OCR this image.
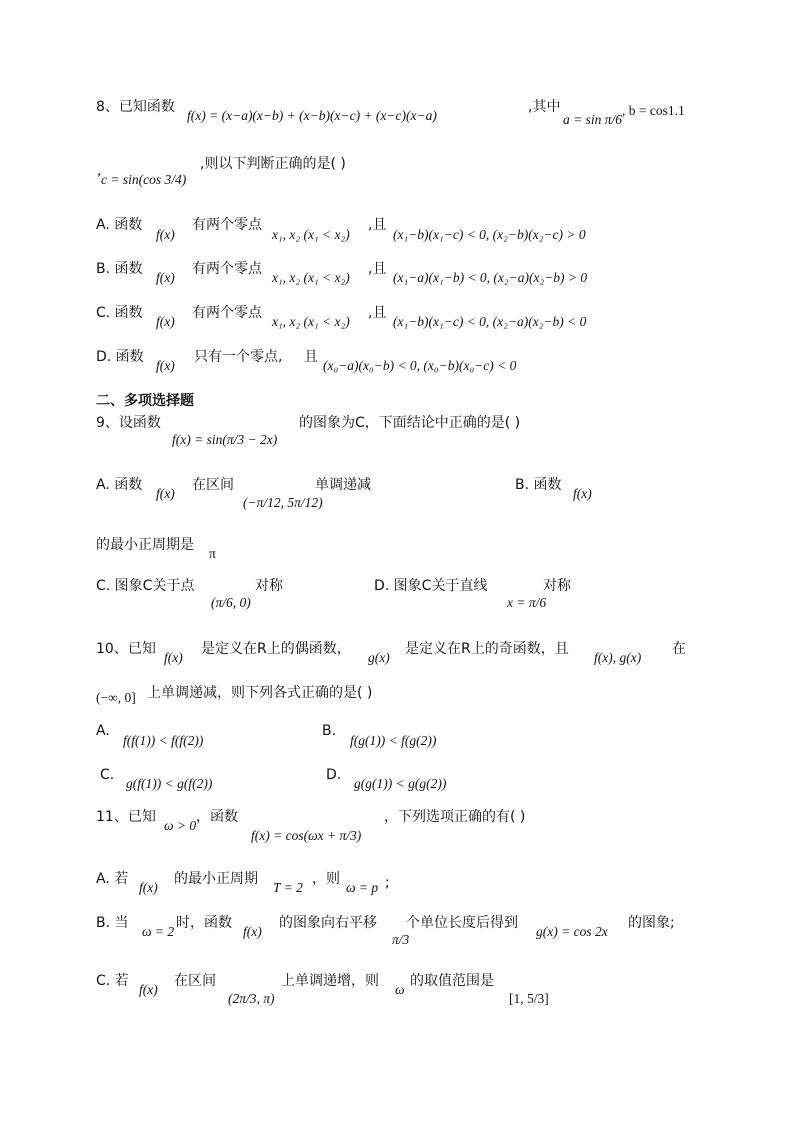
8、已知函数
f(x) = (x−a)(x−b) + (x−b)(x−c) + (x−c)(x−a)
,其中
a = sin π/6
, b = cos1.1
,
c = sin(cos 3/4)
,则以下判断正确的是( )
A. 函数
f(x)
有两个零点
x₁, x₂ (x₁ < x₂)
,且
(x₁−b)(x₁−c) < 0, (x₂−b)(x₂−c) > 0
B. 函数
f(x)
有两个零点
x₁, x₂ (x₁ < x₂)
,且
(x₁−a)(x₁−b) < 0, (x₂−a)(x₂−b) > 0
C. 函数
f(x)
有两个零点
x₁, x₂ (x₁ < x₂)
,且
(x₁−b)(x₁−c) < 0, (x₂−a)(x₂−b) < 0
D. 函数
f(x)
只有一个零点, 且
(x₀−a)(x₀−b) < 0, (x₀−b)(x₀−c) < 0
二、多项选择题
9、设函数
f(x) = sin(π/3 − 2x)
的图象为C，下面结论中正确的是( )
A. 函数
f(x)
在区间
(−π/12, 5π/12)
单调递减	B. 函数
f(x)
的最小正周期是
π
C. 图象C关于点
(π/6, 0)
对称	D. 图象C关于直线
x = π/6
对称
10、已知
f(x)
是定义在R上的偶函数，
g(x)
是定义在R上的奇函数，且
f(x), g(x)
在
(−∞, 0] 上单调递减，则下列各式正确的是( )
A.
f(f(1)) < f(f(2))
B.
f(g(1)) < f(g(2))
C.
g(f(1)) < g(f(2))
D.
g(g(1)) < g(g(2))
11、已知
ω > 0
，函数
f(x) = cos(ωx + π/3)
，下列选项正确的有( )
A. 若
f(x)
的最小正周期
T = 2
，则
ω = p ;
B. 当
ω = 2
时，函数
f(x)
的图象向右平移
π/3
个单位长度后得到
g(x) = cos 2x
的图象;
C. 若
f(x)
在区间
(2π/3, π)
上单调递增，则
ω
的取值范围是
[1, 5/3]
